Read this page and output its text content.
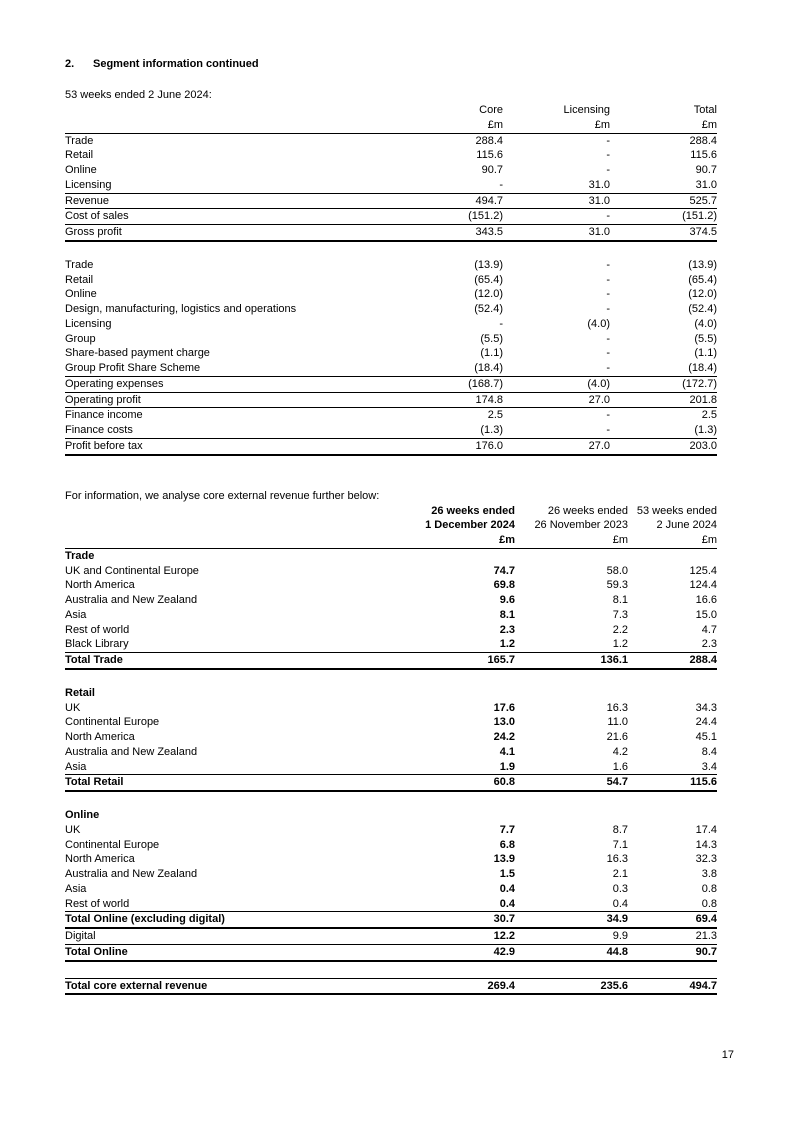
2.	Segment information continued

53 weeks ended 2 June 2024:

	Core	Licensing	Total
	£m	£m	£m
Trade	288.4	-	288.4
Retail	115.6	-	115.6
Online	90.7	-	90.7
Licensing	-	31.0	31.0
Revenue	494.7	31.0	525.7
Cost of sales	(151.2)	-	(151.2)
Gross profit	343.5	31.0	374.5

Trade	(13.9)	-	(13.9)
Retail	(65.4)	-	(65.4)
Online	(12.0)	-	(12.0)
Design, manufacturing, logistics and operations	(52.4)	-	(52.4)
Licensing	-	(4.0)	(4.0)
Group	(5.5)	-	(5.5)
Share-based payment charge	(1.1)	-	(1.1)
Group Profit Share Scheme	(18.4)	-	(18.4)
Operating expenses	(168.7)	(4.0)	(172.7)
Operating profit	174.8	27.0	201.8
Finance income	2.5	-	2.5
Finance costs	(1.3)	-	(1.3)
Profit before tax	176.0	27.0	203.0

For information, we analyse core external revenue further below:

	26 weeks ended	26 weeks ended	53 weeks ended
	1 December 2024	26 November 2023	2 June 2024
	£m	£m	£m
Trade			
UK and Continental Europe	74.7	58.0	125.4
North America	69.8	59.3	124.4
Australia and New Zealand	9.6	8.1	16.6
Asia	8.1	7.3	15.0
Rest of world	2.3	2.2	4.7
Black Library	1.2	1.2	2.3
Total Trade	165.7	136.1	288.4

Retail			
UK	17.6	16.3	34.3
Continental Europe	13.0	11.0	24.4
North America	24.2	21.6	45.1
Australia and New Zealand	4.1	4.2	8.4
Asia	1.9	1.6	3.4
Total Retail	60.8	54.7	115.6

Online			
UK	7.7	8.7	17.4
Continental Europe	6.8	7.1	14.3
North America	13.9	16.3	32.3
Australia and New Zealand	1.5	2.1	3.8
Asia	0.4	0.3	0.8
Rest of world	0.4	0.4	0.8
Total Online (excluding digital)	30.7	34.9	69.4
Digital	12.2	9.9	21.3
Total Online	42.9	44.8	90.7

Total core external revenue	269.4	235.6	494.7
17
